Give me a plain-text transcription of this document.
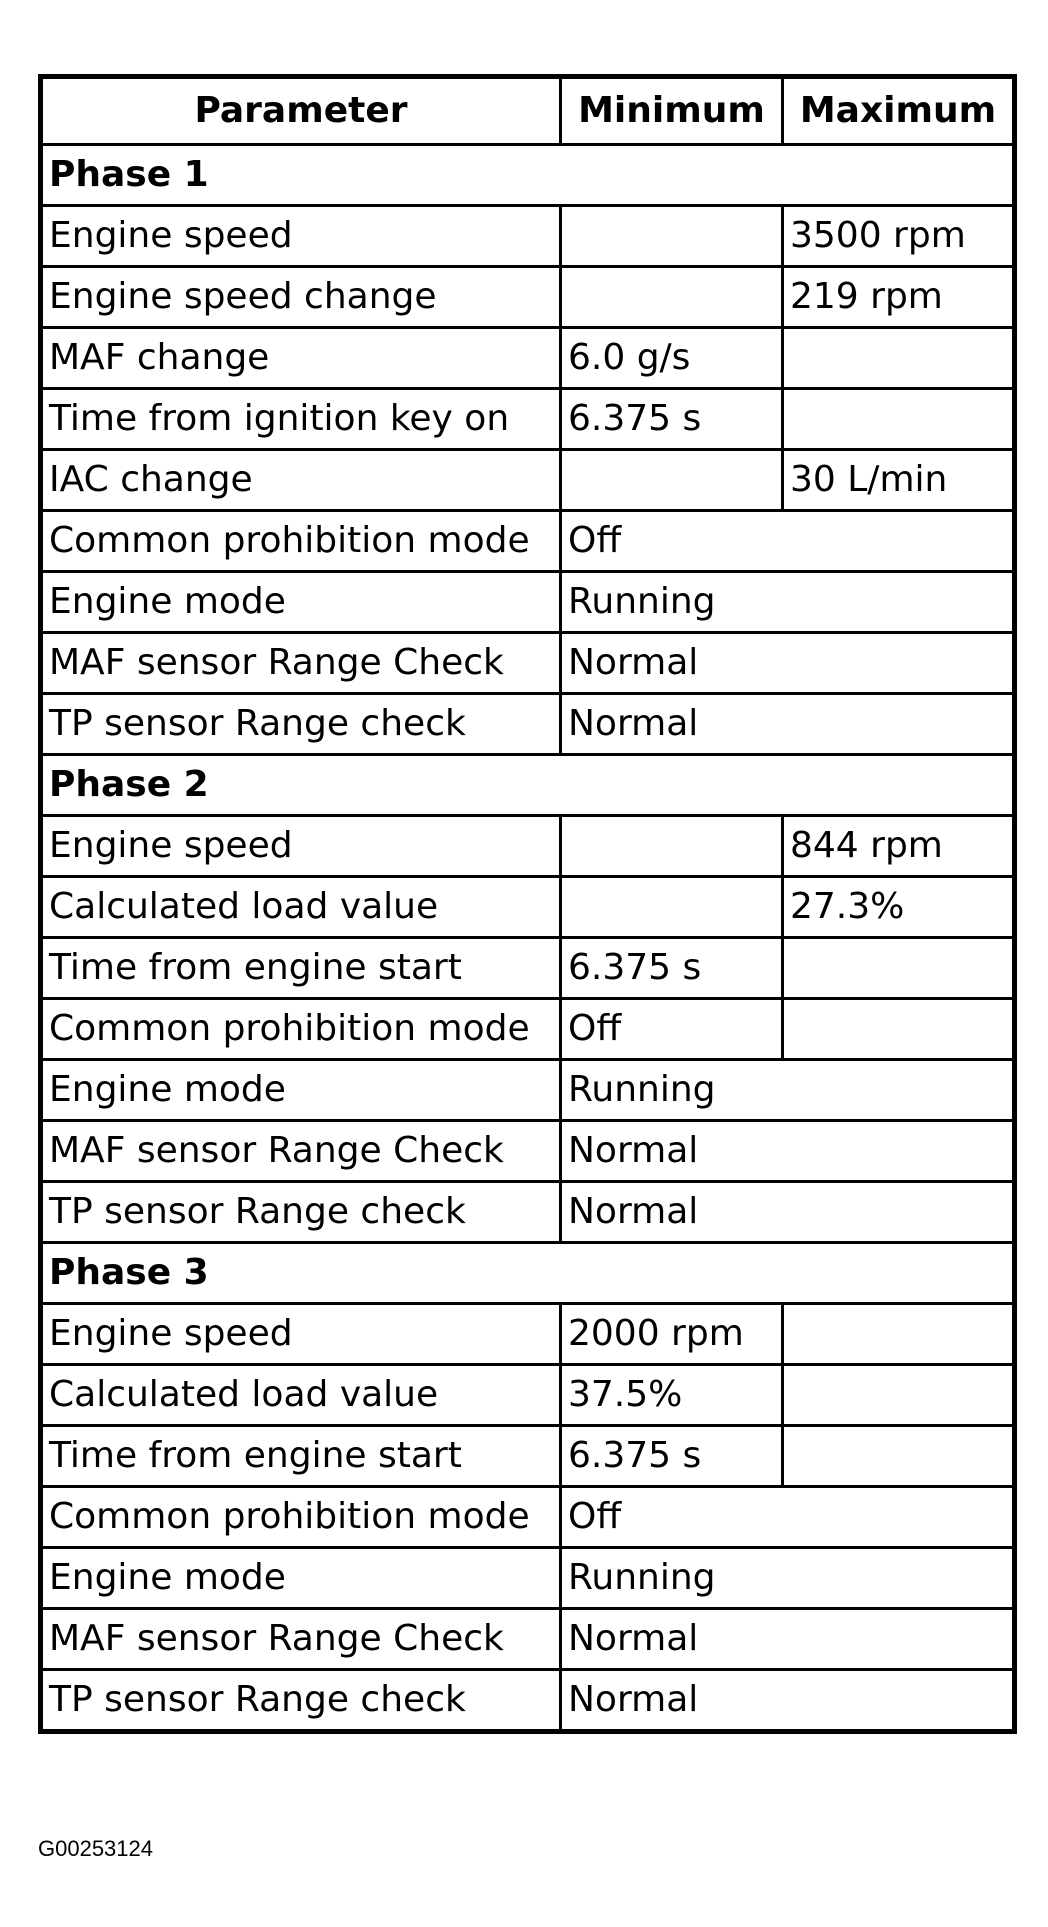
Parameter	Minimum	Maximum
Phase 1		
Engine speed		3500 rpm
Engine speed change		219 rpm
MAF change	6.0 g/s	
Time from ignition key on	6.375 s	
IAC change		30 L/min
Common prohibition mode	Off	
Engine mode	Running	
MAF sensor Range Check	Normal	
TP sensor Range check	Normal	
Phase 2		
Engine speed		844 rpm
Calculated load value		27.3%
Time from engine start	6.375 s	
Common prohibition mode	Off	
Engine mode	Running	
MAF sensor Range Check	Normal	
TP sensor Range check	Normal	
Phase 3		
Engine speed	2000 rpm	
Calculated load value	37.5%	
Time from engine start	6.375 s	
Common prohibition mode	Off	
Engine mode	Running	
MAF sensor Range Check	Normal	
TP sensor Range check	Normal	
G00253124
